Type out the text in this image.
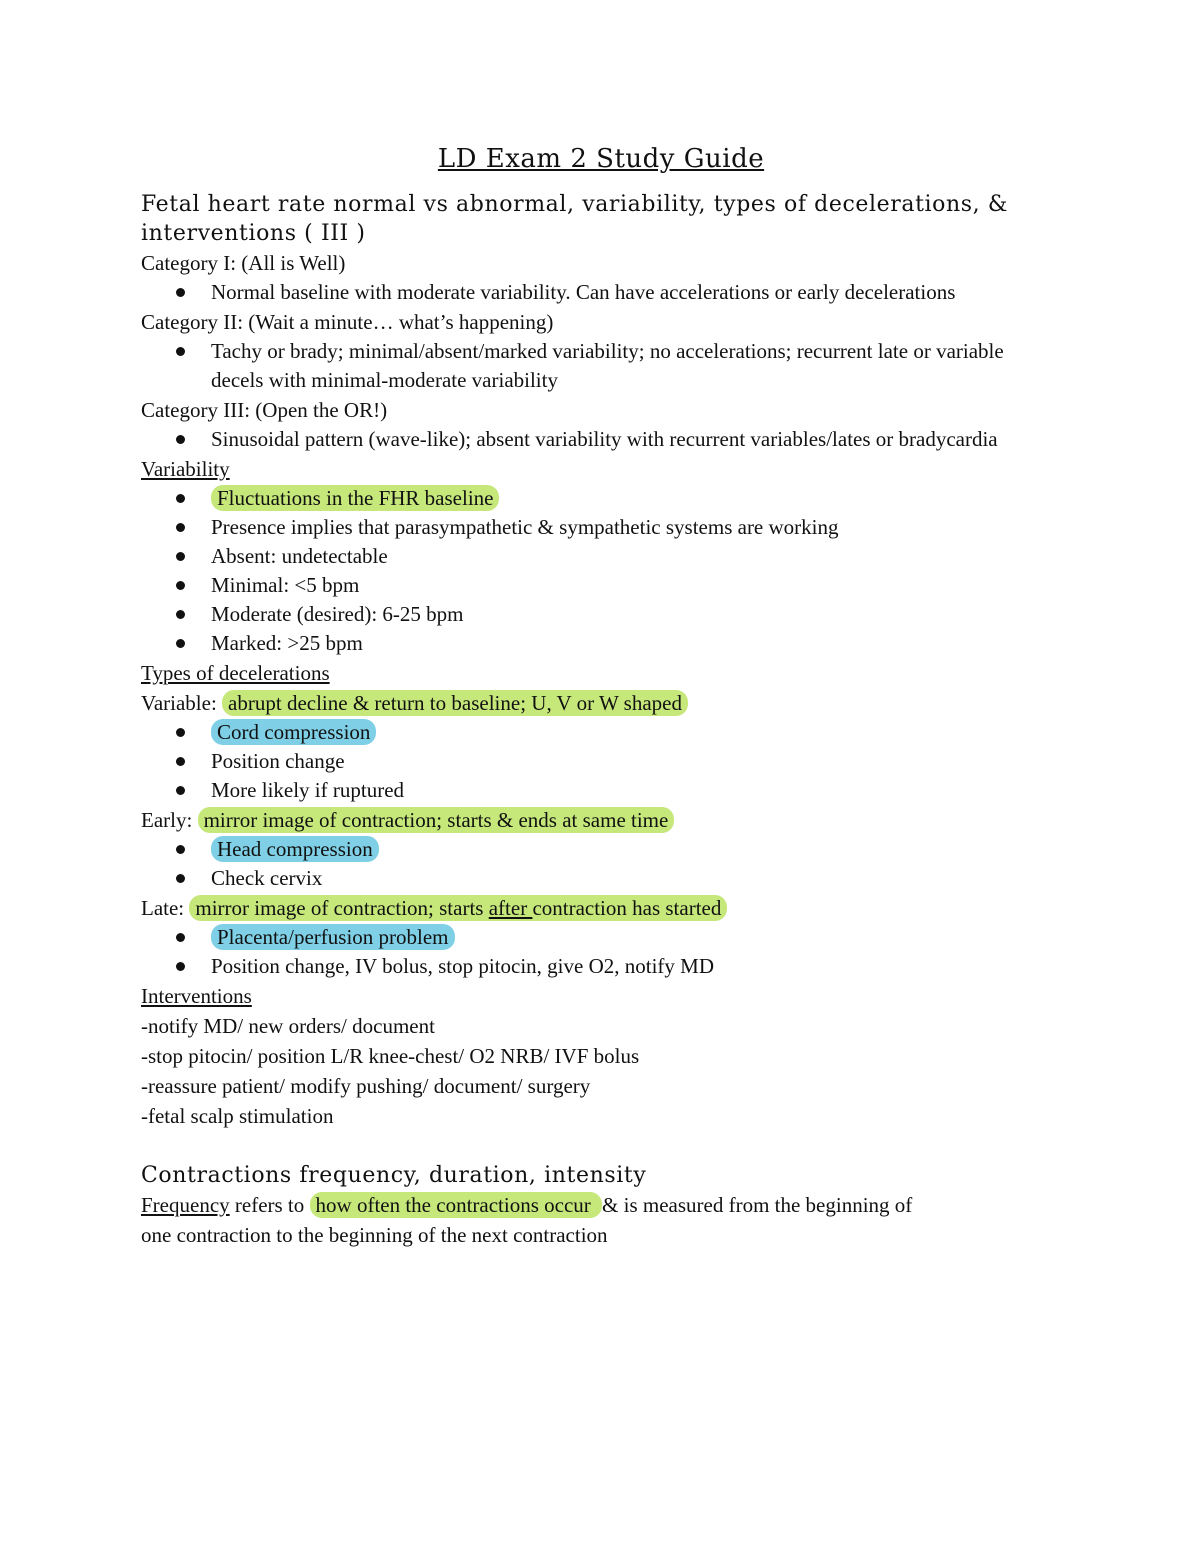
LD Exam 2 Study Guide
Fetal heart rate normal vs abnormal, variability, types of decelerations, &
interventions ( III )
Category I: (All is Well)
Normal baseline with moderate variability. Can have accelerations or early decelerations
Category II: (Wait a minute… what’s happening)
Tachy or brady; minimal/absent/marked variability; no accelerations; recurrent late or variable decels with minimal-moderate variability
Category III: (Open the OR!)
Sinusoidal pattern (wave-like); absent variability with recurrent variables/lates or bradycardia
Variability
Fluctuations in the FHR baseline
Presence implies that parasympathetic & sympathetic systems are working
Absent: undetectable
Minimal: <5 bpm
Moderate (desired): 6-25 bpm
Marked: >25 bpm
Types of decelerations
Variable: abrupt decline & return to baseline; U, V or W shaped
Cord compression
Position change
More likely if ruptured
Early: mirror image of contraction; starts & ends at same time
Head compression
Check cervix
Late: mirror image of contraction; starts after contraction has started
Placenta/perfusion problem
Position change, IV bolus, stop pitocin, give O2, notify MD
Interventions
-notify MD/ new orders/ document
-stop pitocin/ position L/R knee-chest/ O2 NRB/ IVF bolus
-reassure patient/ modify pushing/ document/ surgery
-fetal scalp stimulation
Contractions frequency, duration, intensity
Frequency refers to how often the contractions occur & is measured from the beginning of
one contraction to the beginning of the next contraction
